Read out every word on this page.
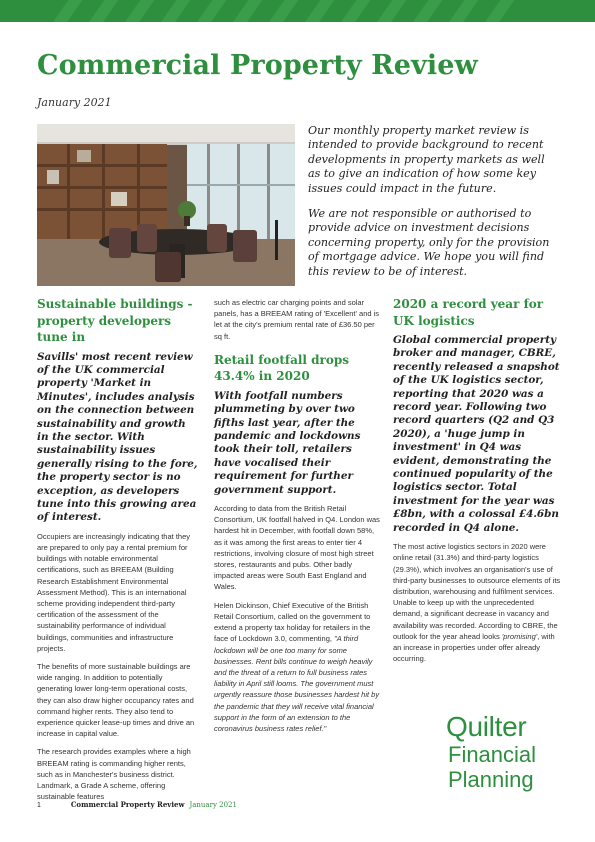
Commercial Property Review
January 2021

Our monthly property market review is intended to provide background to recent developments in property markets as well as to give an indication of how some key issues could impact in the future.

We are not responsible or authorised to provide advice on investment decisions concerning property, only for the provision of mortgage advice. We hope you will find this review to be of interest.

Sustainable buildings - property developers tune in

Savills' most recent review of the UK commercial property 'Market in Minutes', includes analysis on the connection between sustainability and growth in the sector. With sustainability issues generally rising to the fore, the property sector is no exception, as developers tune into this growing area of interest.

Occupiers are increasingly indicating that they are prepared to only pay a rental premium for buildings with notable environmental certifications, such as BREEAM (Building Research Establishment Environmental Assessment Method). This is an international scheme providing independent third-party certification of the assessment of the sustainability performance of individual buildings, communities and infrastructure projects.

The benefits of more sustainable buildings are wide ranging. In addition to potentially generating lower long-term operational costs, they can also draw higher occupancy rates and command higher rents. They also tend to experience quicker lease-up times and drive an increase in capital value.

The research provides examples where a high BREEAM rating is commanding higher rents, such as in Manchester's business district. Landmark, a Grade A scheme, offering sustainable features

such as electric car charging points and solar panels, has a BREEAM rating of 'Excellent' and is let at the city's premium rental rate of £36.50 per sq ft.

Retail footfall drops 43.4% in 2020

With footfall numbers plummeting by over two fifths last year, after the pandemic and lockdowns took their toll, retailers have vocalised their requirement for further government support.

According to data from the British Retail Consortium, UK footfall halved in Q4. London was hardest hit in December, with footfall down 58%, as it was among the first areas to enter tier 4 restrictions, involving closure of most high street stores, restaurants and pubs. Other badly impacted areas were South East England and Wales.

Helen Dickinson, Chief Executive of the British Retail Consortium, called on the government to extend a property tax holiday for retailers in the face of Lockdown 3.0, commenting, "A third lockdown will be one too many for some businesses. Rent bills continue to weigh heavily and the threat of a return to full business rates liability in April still looms. The government must urgently reassure those businesses hardest hit by the pandemic that they will receive vital financial support in the form of an extension to the coronavirus business rates relief."

2020 a record year for UK logistics

Global commercial property broker and manager, CBRE, recently released a snapshot of the UK logistics sector, reporting that 2020 was a record year. Following two record quarters (Q2 and Q3 2020), a 'huge jump in investment' in Q4 was evident, demonstrating the continued popularity of the logistics sector. Total investment for the year was £8bn, with a colossal £4.6bn recorded in Q4 alone.

The most active logistics sectors in 2020 were online retail (31.3%) and third-party logistics (29.3%), which involves an organisation's use of third-party businesses to outsource elements of its distribution, warehousing and fulfilment services. Unable to keep up with the unprecedented demand, a significant decrease in vacancy and availability was recorded. According to CBRE, the outlook for the year ahead looks 'promising', with an increase in properties under offer already occurring.

Quilter
Financial
Planning
1	Commercial Property Review January 2021
